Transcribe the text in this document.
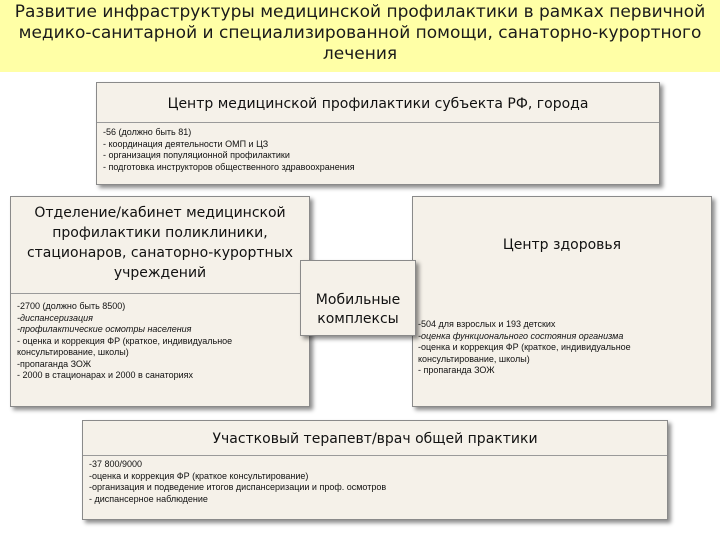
Развитие инфраструктуры медицинской профилактики в рамках первичной
медико-санитарной и специализированной помощи, санаторно-курортного
лечения
Центр медицинской профилактики субъекта РФ, города
-56 (должно быть 81)
- координация деятельности ОМП и ЦЗ
- организация популяционной профилактики
- подготовка инструкторов общественного здравоохранения
Отделение/кабинет медицинской
профилактики поликлиники,
стационаров, санаторно-курортных
учреждений
-2700 (должно быть 8500)
-диспансеризация
-профилактические осмотры населения
- оценка и коррекция ФР (краткое, индивидуальное консультирование, школы)
-пропаганда ЗОЖ
- 2000 в стационарах и 2000 в санаториях
Центр здоровья
-504 для взрослых и 193 детских
-оценка функционального состояния организма
-оценка и коррекция ФР (краткое, индивидуальное консультирование, школы)
- пропаганда ЗОЖ
Мобильные
комплексы
Участковый терапевт/врач общей практики
-37 800/9000
-оценка и коррекция ФР (краткое консультирование)
-организация и подведение итогов диспансеризации и проф. осмотров
- диспансерное наблюдение
